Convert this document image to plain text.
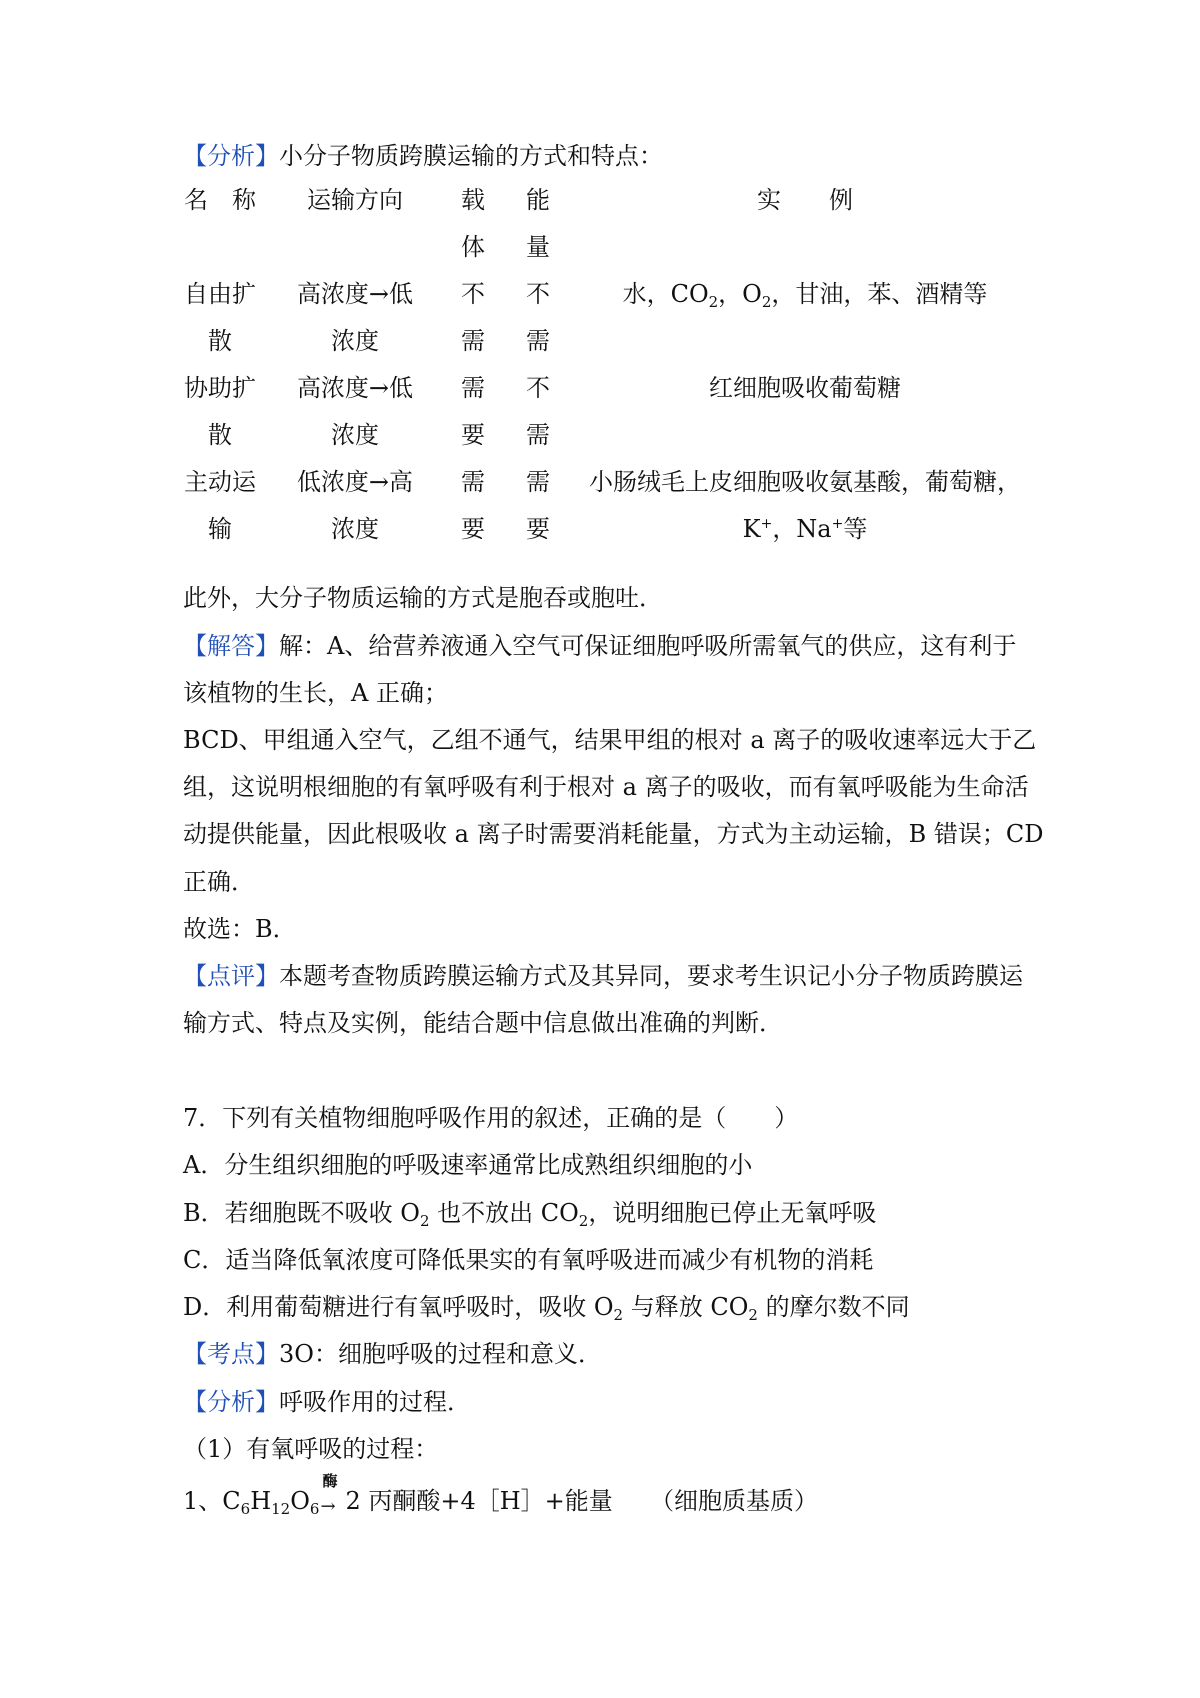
【分析】小分子物质跨膜运输的方式和特点：
名　称	运输方向	载
体
能
量
实　　例
自由扩
散
高浓度→低
浓度
不
需
不
需
水，$CO_2$，$O_2$，甘油，苯、酒精等
协助扩
散
高浓度→低
浓度
需
要
不
需
红细胞吸收葡萄糖
主动运
输
低浓度→高
浓度
需
要
需
要
小肠绒毛上皮细胞吸收氨基酸，葡萄糖，
K+，Na+等
此外，大分子物质运输的方式是胞吞或胞吐．
【解答】解：A、给营养液通入空气可保证细胞呼吸所需氧气的供应，这有利于
该植物的生长，A 正确；
BCD、甲组通入空气，乙组不通气，结果甲组的根对 a 离子的吸收速率远大于乙
组，这说明根细胞的有氧呼吸有利于根对 a 离子的吸收，而有氧呼吸能为生命活
动提供能量，因此根吸收 a 离子时需要消耗能量，方式为主动运输，B 错误；CD
正确．
故选：B．
【点评】本题考查物质跨膜运输方式及其异同，要求考生识记小分子物质跨膜运
输方式、特点及实例，能结合题中信息做出准确的判断．
7．下列有关植物细胞呼吸作用的叙述，正确的是（　　）
A．分生组织细胞的呼吸速率通常比成熟组织细胞的小
B．若细胞既不吸收 $O_2$ 也不放出 $CO_2$，说明细胞已停止无氧呼吸
C．适当降低氧浓度可降低果实的有氧呼吸进而减少有机物的消耗
D．利用葡萄糖进行有氧呼吸时，吸收 $O_2$ 与释放 $CO_2$ 的摩尔数不同
【考点】3O：细胞呼吸的过程和意义．
【分析】呼吸作用的过程．
（1）有氧呼吸的过程：
1、$C_6H_{12}O_6$
酶
→ 2 丙酮酸+4［H］+能量 （细胞质基质）
